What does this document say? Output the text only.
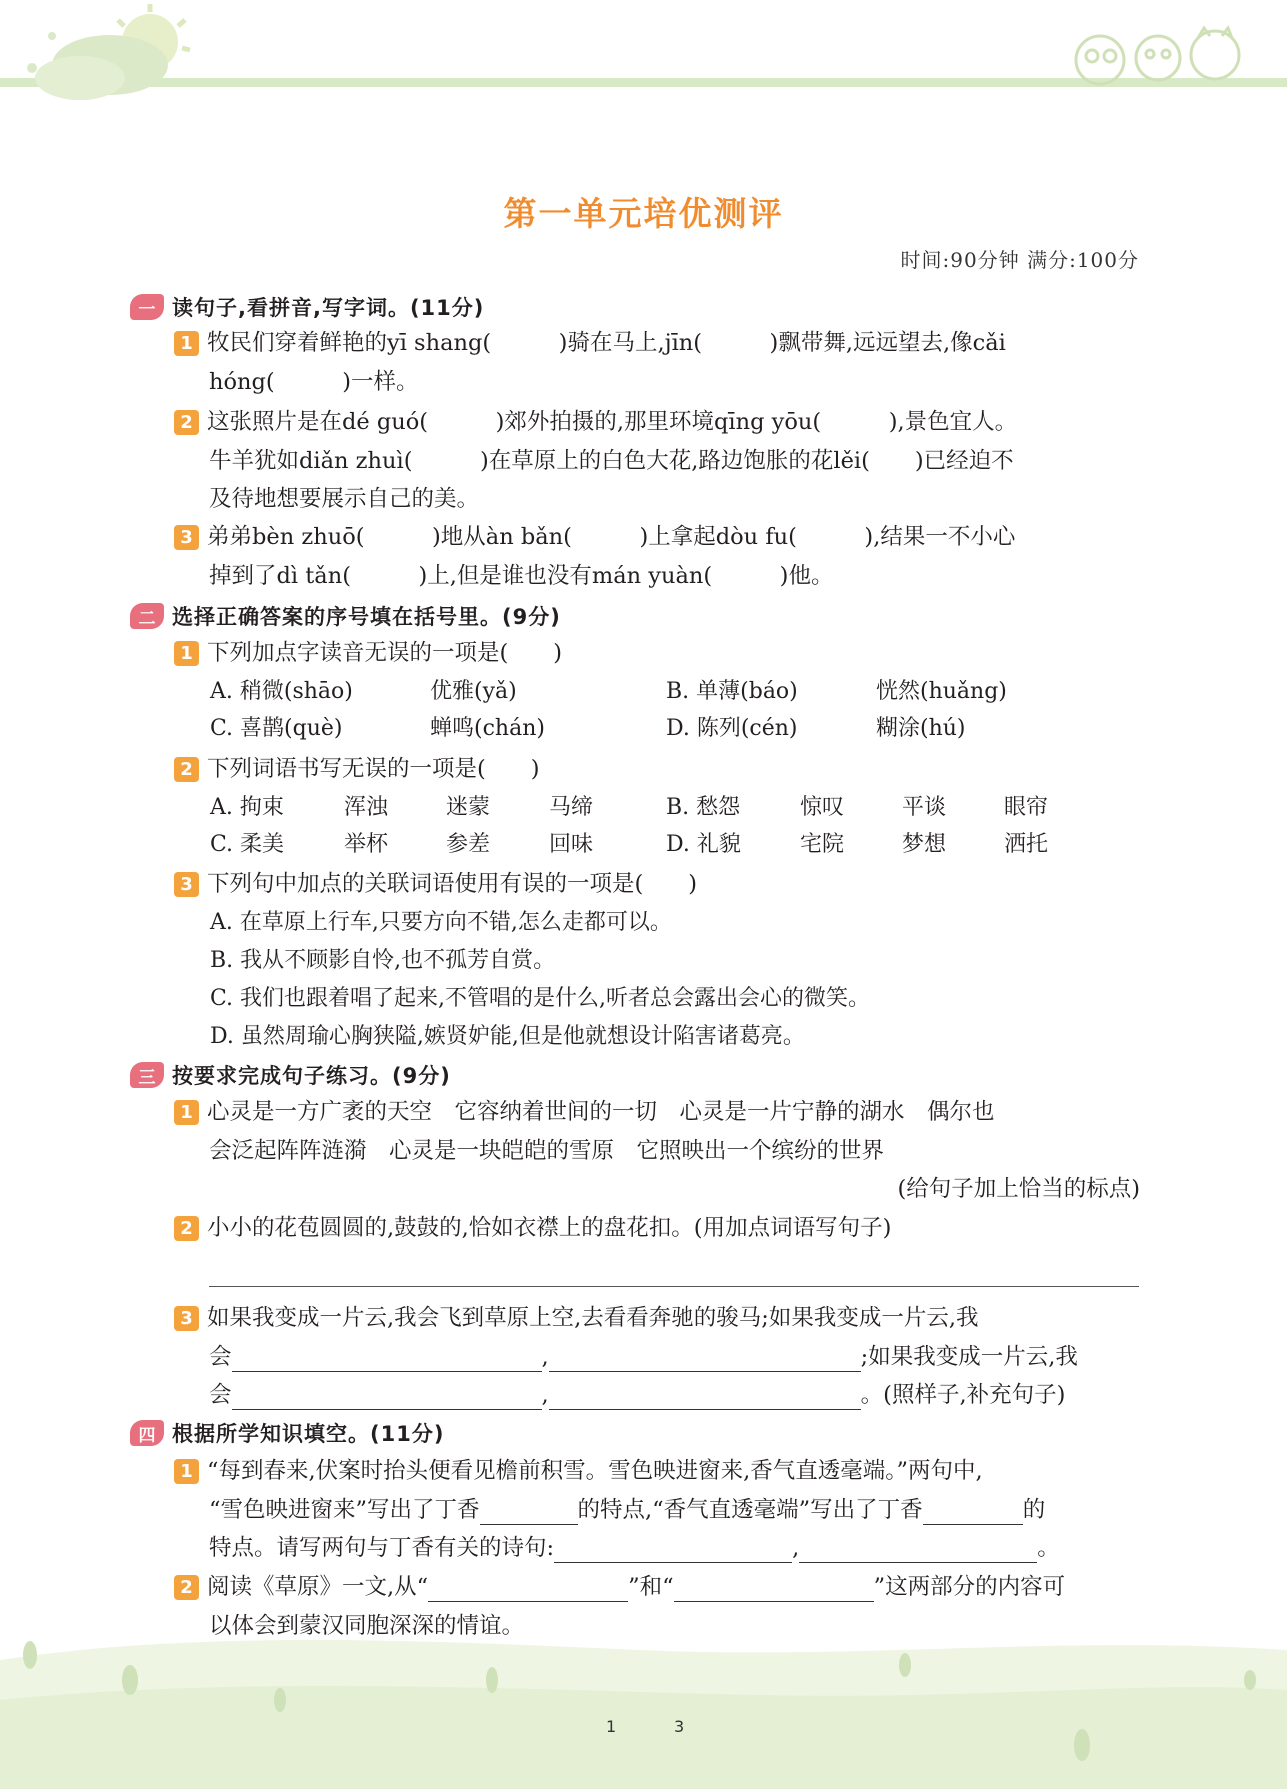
第一单元培优测评
时间:90分钟 满分:100分
一 读句子,看拼音,写字词。(11分)
1 牧民们穿着鲜艳的yī shang(　　　)骑在马上,jīn(　　　)飘带舞,远远望去,像cǎi
hóng(　　　)一样。
2 这张照片是在dé guó(　　　)郊外拍摄的,那里环境qīng yōu(　　　),景色宜人。
牛羊犹如diǎn zhuì(　　　)在草原上的白色大花,路边饱胀的花lěi(　　)已经迫不
及待地想要展示自己的美。
3 弟弟bèn zhuō(　　　)地从àn bǎn(　　　)上拿起dòu fu(　　　),结果一不小心
掉到了dì tǎn(　　　)上,但是谁也没有mán yuàn(　　　)他。
二 选择正确答案的序号填在括号里。(9分)
1 下列加点字读音无误的一项是(　　)
A. 稍微(shāo)	优雅(yǎ)	B. 单薄(báo)	恍然(huǎng)
C. 喜鹊(què)	蝉鸣(chán)	D. 陈列(cén)	糊涂(hú)
2 下列词语书写无误的一项是(　　)
A. 拘束	浑浊	迷蒙	马缔	B. 愁怨	惊叹	平谈	眼帘
C. 柔美	举杯	参差	回味	D. 礼貌	宅院	梦想	洒托
3 下列句中加点的关联词语使用有误的一项是(　　)
A. 在草原上行车,只要方向不错,怎么走都可以。
B. 我从不顾影自怜,也不孤芳自赏。
C. 我们也跟着唱了起来,不管唱的是什么,听者总会露出会心的微笑。
D. 虽然周瑜心胸狭隘,嫉贤妒能,但是他就想设计陷害诸葛亮。
三 按要求完成句子练习。(9分)
1 心灵是一方广袤的天空　它容纳着世间的一切　心灵是一片宁静的湖水　偶尔也
会泛起阵阵涟漪　心灵是一块皑皑的雪原　它照映出一个缤纷的世界
(给句子加上恰当的标点)
2 小小的花苞圆圆的,鼓鼓的,恰如衣襟上的盘花扣。(用加点词语写句子)
3 如果我变成一片云,我会飞到草原上空,去看看奔驰的骏马;如果我变成一片云,我
会	,	;如果我变成一片云,我
会	,	。(照样子,补充句子)
四 根据所学知识填空。(11分)
1 “每到春来,伏案时抬头便看见檐前积雪。雪色映进窗来,香气直透毫端。”两句中,
“雪色映进窗来”写出了丁香	的特点,“香气直透毫端”写出了丁香	的
特点。请写两句与丁香有关的诗句:	,	。
2 阅读《草原》一文,从“	”和“	”这两部分的内容可
以体会到蒙汉同胞深深的情谊。
1	3
